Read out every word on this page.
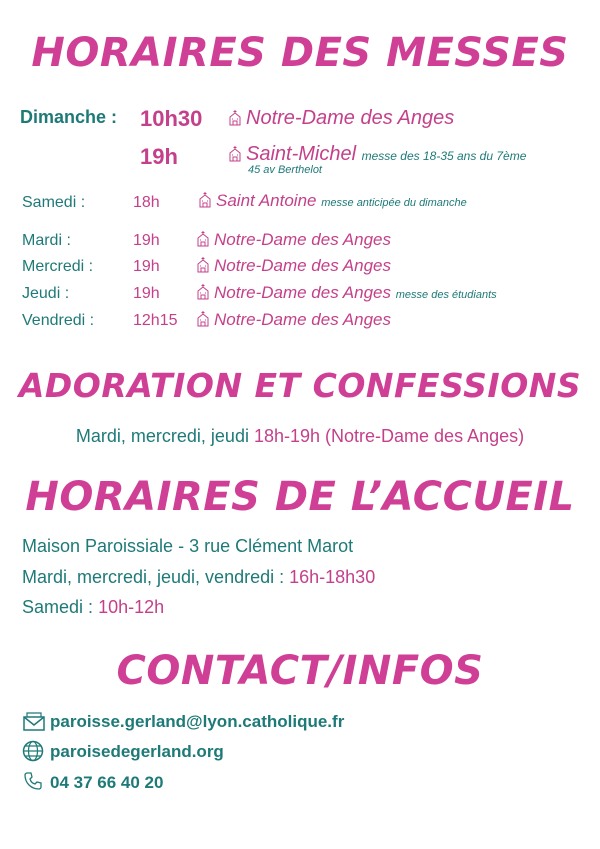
HORAIRES DES MESSES
Dimanche : 10h30	Notre-Dame des Anges
19h	Saint-Michel messe des 18-35 ans du 7ème
45 av Berthelot
Samedi :	18h	Saint Antoine messe anticipée du dimanche
Mardi :	19h	Notre-Dame des Anges
Mercredi : 19h	Notre-Dame des Anges
Jeudi :	19h	Notre-Dame des Anges messe des étudiants
Vendredi : 12h15	Notre-Dame des Anges
ADORATION ET CONFESSIONS
Mardi, mercredi, jeudi 18h-19h (Notre-Dame des Anges)
HORAIRES DE L’ACCUEIL
Maison Paroissiale - 3 rue Clément Marot
Mardi, mercredi, jeudi, vendredi : 16h-18h30
Samedi : 10h-12h
CONTACT/INFOS
paroisse.gerland@lyon.catholique.fr
paroisedegerland.org
04 37 66 40 20
